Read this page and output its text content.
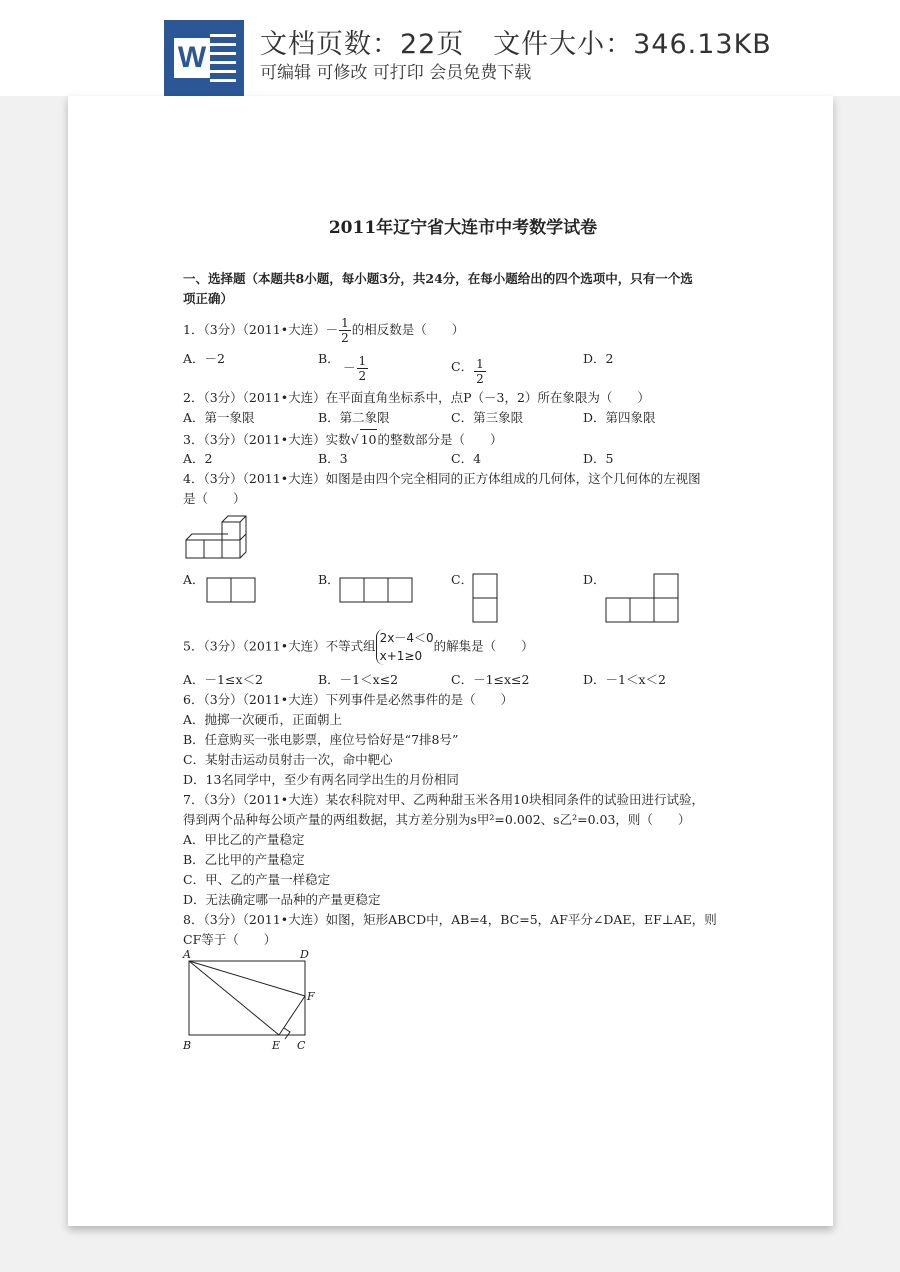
W 文档页数：22页   文件大小：346.13KB
可编辑 可修改 可打印 会员免费下载
2011年辽宁省大连市中考数学试卷
一、选择题（本题共8小题，每小题3分，共24分，在每小题给出的四个选项中，只有一个选
项正确）
1．（3分）（2011•大连）－ $\frac{1}{2}$ 的相反数是（　　）
A．－2	B．
－ $\frac{1}{2}$	C． $\frac{1}{2}$	D．2
2．（3分）（2011•大连）在平面直角坐标系中，点P（－3，2）所在象限为（　　）
A．第一象限	B．第二象限	C．第三象限	D．第四象限
3．（3分）（2011•大连）实数√ 10的整数部分是（　　）
A．2	B．3	C．4	D．5
4．（3分）（2011•大连）如图是由四个完全相同的正方体组成的几何体，这个几何体的左视图
是（　　）
A．	B．	C．	D．
5．（3分）（2011•大连）不等式组
2x－4＜0
x+1≥0
的解集是（　　）
A．－1≤x＜2	B．－1＜x≤2	C．－1≤x≤2	D．－1＜x＜2
6．（3分）（2011•大连）下列事件是必然事件的是（　　）
A．抛掷一次硬币，正面朝上
B．任意购买一张电影票，座位号恰好是“7排8号”
C．某射击运动员射击一次，命中靶心
D．13名同学中，至少有两名同学出生的月份相同
7．（3分）（2011•大连）某农科院对甲、乙两种甜玉米各用10块相同条件的试验田进行试验，
得到两个品种每公顷产量的两组数据，其方差分别为s甲²=0.002、s乙²=0.03，则（　　）
A．甲比乙的产量稳定
B．乙比甲的产量稳定
C．甲、乙的产量一样稳定
D．无法确定哪一品种的产量更稳定
8．（3分）（2011•大连）如图，矩形ABCD中，AB=4，BC=5，AF平分∠DAE，EF⊥AE，则
CF等于（　　）
A	D
F
B	E C
